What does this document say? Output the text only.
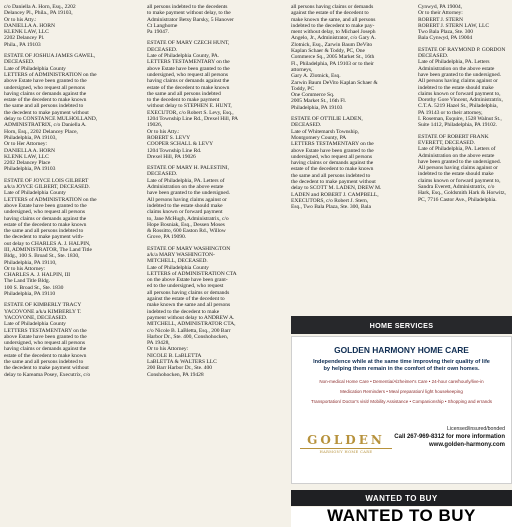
c/o Daniella A. Horn, Esq., 2202

Delancey Pl., Phila., PA 19103,

Or to his Atty.:

DANIELLA A. HORN

KLENK LAW, LLC

2202 Delancey Pl.

Phila., PA 19103

ESTATE OF JOSHUA JAMES GAWEL,

DECEASED.

Late of Philadelphia County

LETTERS of ADMINISTRATION on the

above Estate have been granted to the

undersigned, who request all persons

having claims or demands against the

estate of the decedent to make known

the same and all persons indebted to

the decedent to make payment without

delay to CONSTANCE MULHOLLAND,

ADMINISTRATRIX, c/o Daniella A.

Horn, Esq., 2202 Delancey Place,

Philadelphia, PA 19103,

Or to Her Attorney:

DANIELLA A. HORN

KLENK LAW, LLC

2202 Delancey Place

Philadelphia, PA 19103

ESTATE OF JOYCE LOIS GILBERT

a/k/a JOYCE GILBERT, DECEASED.

Late of Philadelphia County

LETTERS of ADMINISTRATION on the

above Estate have been granted to the

undersigned, who request all persons

having claims or demands against the

estate of the decedent to make known

the same and all persons indebted to

the decedent to make payment with-

out delay to CHARLES A. J. HALPIN,

III, ADMINISTRATOR, The Land Title

Bldg., 100 S. Broad St., Ste. 1830,

Philadelphia, PA 19110,

Or to his Attorney:

CHARLES A. J. HALPIN, III

The Land Title Bldg.

100 S. Broad St., Ste. 1830

Philadelphia, PA 19110

ESTATE OF KIMBERLY TRACY

YACOVONE a/k/a KIMBERLY T.

YACOVONE, DECEASED.

Late of Philadelphia County

LETTERS TESTAMENTARY on the

above Estate have been granted to the

undersigned, who request all persons

having claims or demands against the

estate of the decedent to make known

the same and all persons indebted to

the decedent to make payment without

delay to Kareama Posey, Executrix, c/o

all persons indebted to the decedents

to make payment without delay, to the

Administrator Betsy Barsky, 5 Hanover

Ct Langhorne

Pa 19047.

ESTATE OF MARY CZECH HUNT,

DECEASED.

Late of Philadelphia County, PA.

LETTERS TESTAMENTARY on the

above Estate have been granted to the

undersigned, who request all persons

having claims or demands against the

estate of the decedent to make known

the same and all persons indebted

to the decedent to make payment

without delay to STEPHEN E. HUNT,

EXECUTOR, c/o Robert S. Levy, Esq.,

1204 Township Line Rd., Drexel Hill, PA

19026,

Or to his Atty.:

ROBERT S. LEVY

COOPER SCHALL & LEVY

1204 Township Line Rd.

Drexel Hill, PA 19026

ESTATE OF MARY H. PALESTINI,

DECEASED.

Late of Philadelphia, PA. Letters of

Administration on the above estate

have been granted to the undersigned.

All persons having claims against or

indebted to the estate should make

claims known or forward payment

to, Jane McHugh, Administratrix, c/o

Hope Bosniak, Esq., Dessen Moses

& Rossitto, 600 Easton Rd., Willow

Grove, PA 19090.

ESTATE OF MARY WASHINGTON

a/k/a MARY WASHINGTON-

MITCHELL, DECEASED.

Late of Philadelphia County

LETTERS of ADMINISTRATION CTA

on the above Estate have been grant-

ed to the undersigned, who request

all persons having claims or demands

against the estate of the decedent to

make known the same and all persons

indebted to the decedent to make

payment without delay to ANDREW A.

MITCHELL, ADMINISTRATOR CTA,

c/o Nicole B. LaBletta, Esq., 200 Barr

Harbor Dr., Ste. 400, Conshohocken,

PA 19428,

Or to his Attorney:

NICOLE B. LaBLETTA

LaBLETTA & WALTERS LLC

200 Barr Harbor Dr., Ste. 400

Conshohocken, PA 19428

all persons having claims or demands

against the estate of the decedent to

make known the same, and all persons

indebted to the decedent to make pay-

ment without delay, to Michael Joseph

Angelo, Jr., Administrator, c/o Gary A.

Zlotnick, Esq., Zarwin Baum DeVito

Kaplan Schaer & Toddy, PC, One

Commerce Sq., 2005 Market St., 16th

Fl., Philadelphia, PA 19103 or to their

attorneys,

Gary A. Zlotnick, Esq.

Zarwin Baum DeVito Kaplan Schaer &

Toddy, PC

One Commerce Sq.

2005 Market St., 16th Fl.

Philadelphia, PA 19103

ESTATE OF OTTILIE LADEN,

DECEASED.

Late of Whitemarsh Township,

Montgomery County, PA

LETTERS TESTAMENTARY on the

above Estate have been granted to the

undersigned, who request all persons

having claims or demands against the

estate of the decedent to make known

the same and all persons indebted to

the decedent to make payment without

delay to SCOTT M. LADEN, DREW M.

LADEN and ROBERT J. CAMPBELL,

EXECUTORS, c/o Robert J. Stern,

Esq., Two Bala Plaza, Ste. 300, Bala

Cynwyd, PA 19004,

Or to their Attorney:

ROBERT J. STERN

ROBERT J. STERN LAW, LLC

Two Bala Plaza, Ste. 300

Bala Cynwyd, PA 19004

ESTATE OF RAYMOND P. GORDON

DECEASED.

Late of Philadelphia, PA. Letters

Administration on the above estate

have been granted to the undersigned.

All persons having claims against or

indebted to the estate should make

claims known or forward payment to,

Dorothy Gore Vincent, Administratrix,

C.T.A. 5219 Hazel St., Philadelphia,

PA 19143 or to their attorney,

I. Roseman, Esquire, 1528 Walnut St.,

Suite 1412, Philadelphia, PA 19102.

ESTATE OF ROBERT FRANK

EVERETT, DECEASED.

Late of Philadelphia, PA. Letters of

Administration on the above estate

have been granted to the undersigned.

All persons having claims against or

indebted to the estate should make

claims known or forward payment to,

Sandra Everett, Administratrix, c/o

Hark, Esq., Goldsmith Hark & Horwitz,

PC, 7716 Castor Ave., Philadelphia.

HOME SERVICES
GOLDEN HARMONY HOME CARE
Independence while at the same time improving their quality of life
by helping them remain in the comfort of their own homes.
Non-medical Home Care • Dementia/Alzheimer's Care • 24-hour care/hourly/live-in
Medication Reminders • Meal preparation/ light housekeeping
Transportation/ Doctor's visit/ Mobility Assistance • Companionship • Shopping and errands
GOLDEN
HARMONY HOME CARE
Licensed/insured/bonded
Call 267-969-8312 for more information
www.golden-harmony.com
WANTED TO BUY
WANTED TO BUY
